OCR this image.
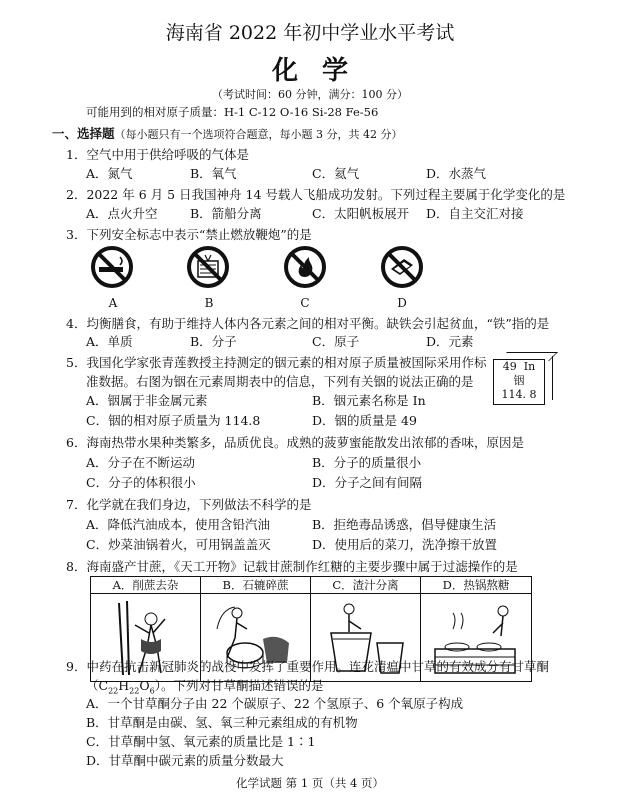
海南省 2022 年初中学业水平考试
化学
（考试时间：60 分钟，满分：100 分）
可能用到的相对原子质量：H-1 C-12 O-16 Si-28 Fe-56
一、选择题（每小题只有一个选项符合题意，每小题 3 分，共 42 分）
1．空气中用于供给呼吸的气体是
A．氮气	B．氧气	C．氦气	D．水蒸气
2．2022 年 6 月 5 日我国神舟 14 号载人飞船成功发射。下列过程主要属于化学变化的是
A．点火升空	B．箭船分离	C．太阳帆板展开 D．自主交汇对接
3．下列安全标志中表示“禁止燃放鞭炮”的是
A	B	C	D
4．均衡膳食，有助于维持人体内各元素之间的相对平衡。缺铁会引起贫血，“铁”指的是
A．单质	B．分子	C．原子	D．元素
5．我国化学家张青莲教授主持测定的铟元素的相对原子质量被国际采用作标
准数据。右图为铟在元素周期表中的信息，下列有关铟的说法正确的是
A．铟属于非金属元素	B．铟元素名称是 In
C．铟的相对原子质量为 114.8	D．铟的质量是 49
49 In
铟
114. 8
6．海南热带水果种类繁多，品质优良。成熟的菠萝蜜能散发出浓郁的香味，原因是
A．分子在不断运动	B．分子的质量很小
C．分子的体积很小	D．分子之间有间隔
7．化学就在我们身边，下列做法不科学的是
A．降低汽油成本，使用含铅汽油	B．拒绝毒品诱惑，倡导健康生活
C．炒菜油锅着火，可用锅盖盖灭	D．使用后的菜刀，洗净擦干放置
8．海南盛产甘蔗，《天工开物》记载甘蔗制作红糖的主要步骤中属于过滤操作的是
A．削蔗去杂	B．石辘碎蔗	C．渣汁分离	D．热锅熬糖
9．中药在抗击新冠肺炎的战役中发挥了重要作用。连花清瘟中甘草的有效成分有甘草酮
$(C_{22}H_{22}O_6)$。下列对甘草酮描述错误的是
A．一个甘草酮分子由 22 个碳原子、22 个氢原子、6 个氧原子构成
B．甘草酮是由碳、氢、氧三种元素组成的有机物
C．甘草酮中氢、氧元素的质量比是 1∶1
D．甘草酮中碳元素的质量分数最大
化学试题 第 1 页（共 4 页）
